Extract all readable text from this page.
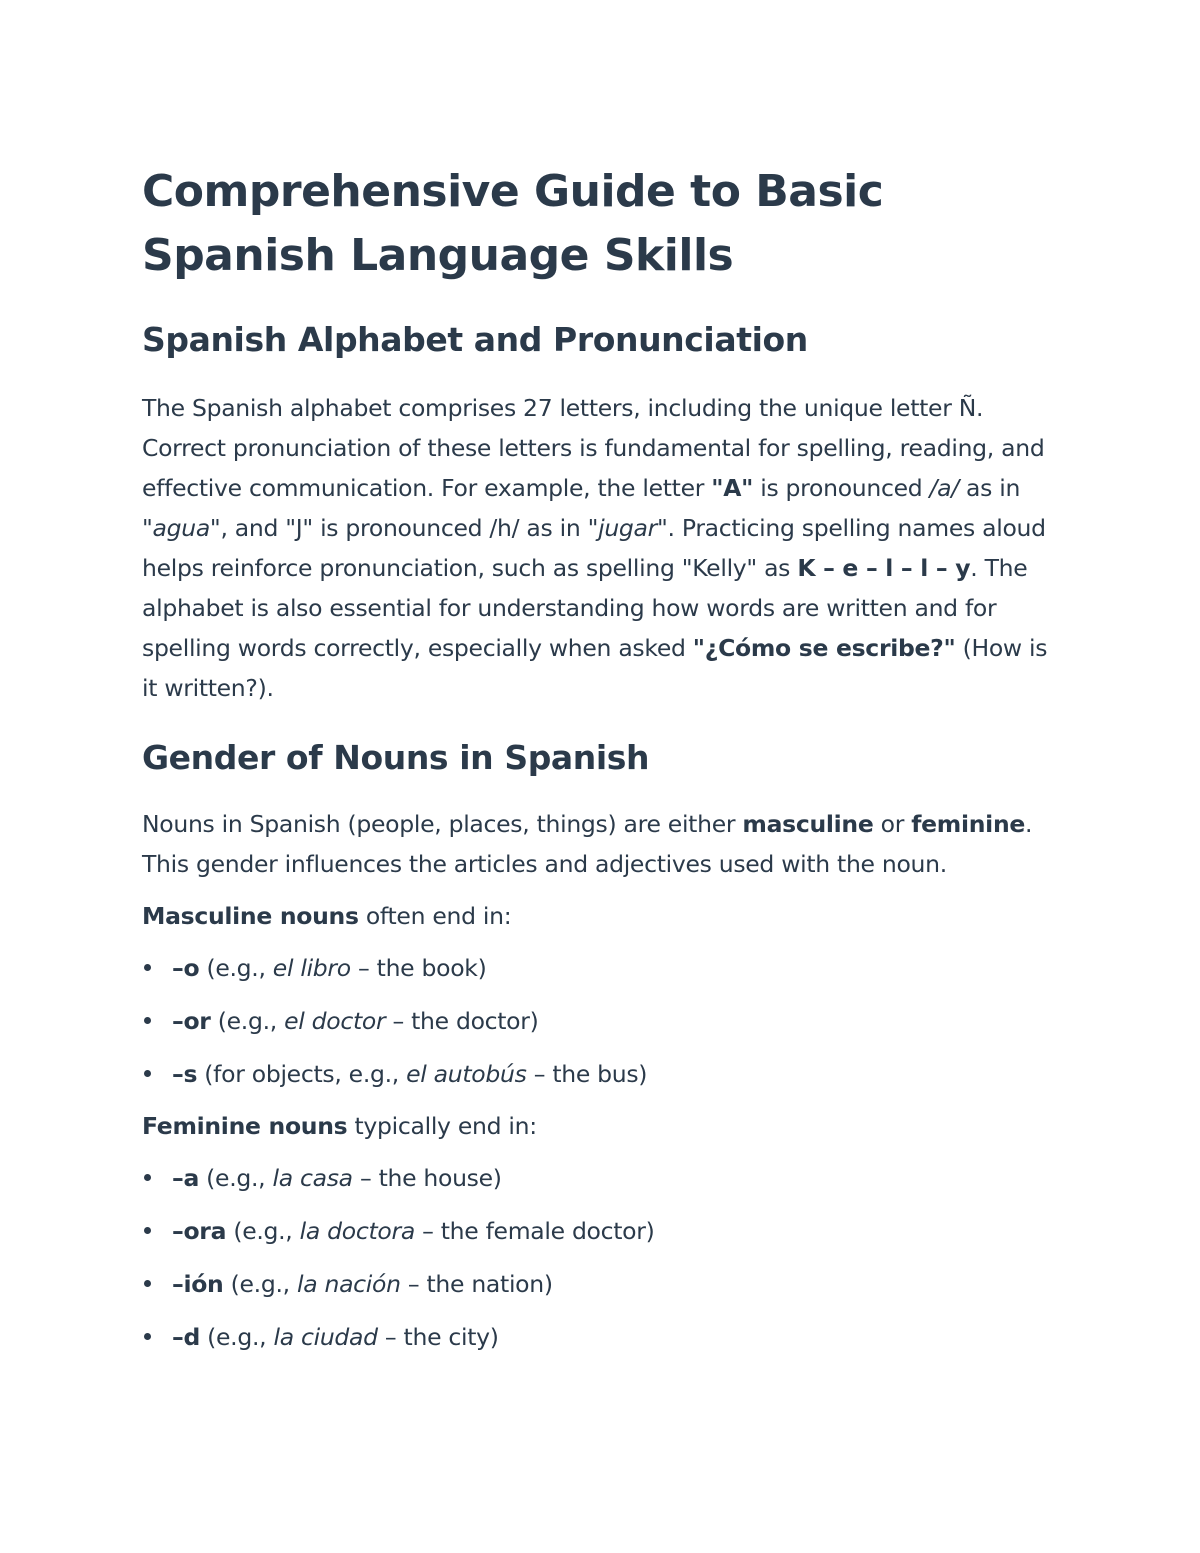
Comprehensive Guide to Basic Spanish Language Skills
Spanish Alphabet and Pronunciation

The Spanish alphabet comprises 27 letters, including the unique letter Ñ. Correct pronunciation of these letters is fundamental for spelling, reading, and effective communication. For example, the letter "A" is pronounced /a/ as in "agua", and "J" is pronounced /h/ as in "jugar". Practicing spelling names aloud helps reinforce pronunciation, such as spelling "Kelly" as K – e – l – l – y. The alphabet is also essential for understanding how words are written and for spelling words correctly, especially when asked "¿Cómo se escribe?" (How is it written?).

Gender of Nouns in Spanish

Nouns in Spanish (people, places, things) are either masculine or feminine. This gender influences the articles and adjectives used with the noun.

Masculine nouns often end in:

–o (e.g., el libro – the book)
–or (e.g., el doctor – the doctor)
–s (for objects, e.g., el autobús – the bus)

Feminine nouns typically end in:

–a (e.g., la casa – the house)
–ora (e.g., la doctora – the female doctor)
–ión (e.g., la nación – the nation)
–d (e.g., la ciudad – the city)
